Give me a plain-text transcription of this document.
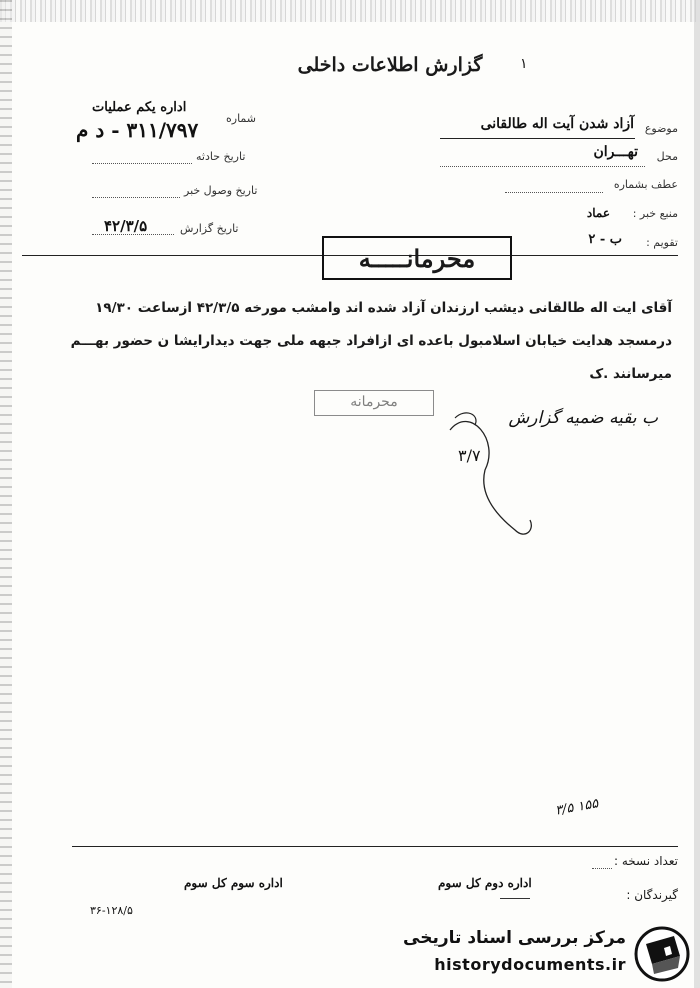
گزارش اطلاعات داخلی	۱
موضوع
آزاد شدن آیت اله طالقانی
محل
تهـــران
عطف بشماره
منبع خبر :
عماد
تقویم :
ب - ۲
شماره
اداره یکم عملیات
۳۱۱/۷۹۷ - د م
تاریخ حادثه
تاریخ وصول خبر
تاریخ گزارش
۴۲/۳/۵
محرمانـــــه
آقای ایت اله طالقانی دیشب ارزندان آزاد شده اند وامشب مورخه ۴۲/۳/۵ ازساعت ۱۹/۳۰
درمسجد هدایت خیابان اسلامبول باعده ای ازافراد جبهه ملی جهت دیدارایشا ن حضور بهـــم
میرسانند .ک
محرمانه
ب بقیه ضمیه گزارش
۳/۷
۱۵۵ ۳/۵
تعداد نسخه :
گیرندگان :
اداره دوم کل سوم
اداره سوم کل سوم
۳۶-۱۲۸/۵
مرکز بررسی اسناد تاریخی
historydocuments.ir
